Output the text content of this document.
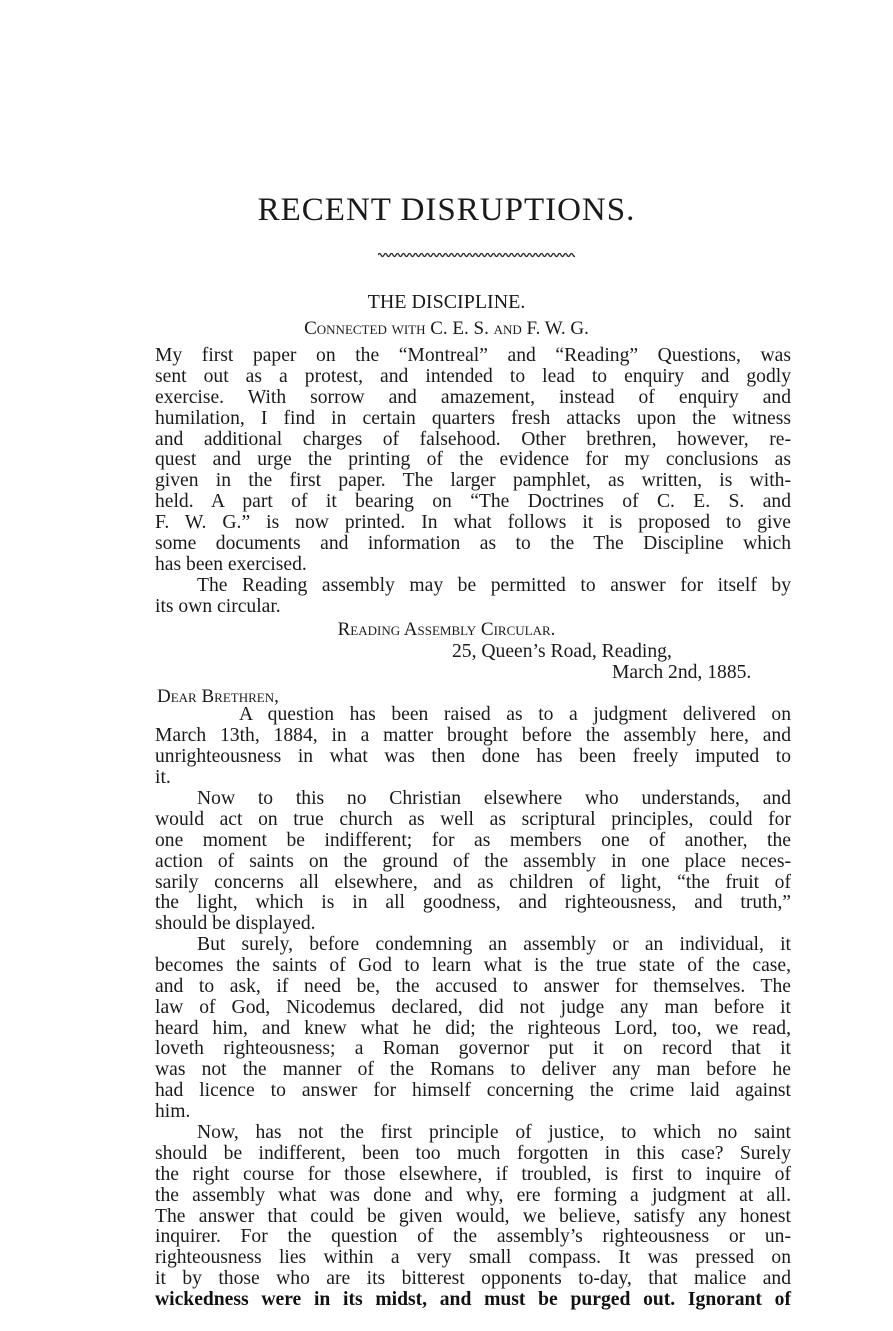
RECENT DISRUPTIONS.
THE DISCIPLINE.
Connected with C. E. S. and F. W. G.
My first paper on the “Montreal” and “Reading” Questions, was
sent out as a protest, and intended to lead to enquiry and godly
exercise. With sorrow and amazement, instead of enquiry and
humilation, I find in certain quarters fresh attacks upon the witness
and additional charges of falsehood. Other brethren, however, re-
quest and urge the printing of the evidence for my conclusions as
given in the first paper. The larger pamphlet, as written, is with-
held. A part of it bearing on “The Doctrines of C. E. S. and
F. W. G.” is now printed. In what follows it is proposed to give
some documents and information as to the The Discipline which
has been exercised.
The Reading assembly may be permitted to answer for itself by
its own circular.
Reading Assembly Circular.
25, Queen’s Road, Reading,
March 2nd, 1885.
Dear Brethren,
A question has been raised as to a judgment delivered on
March 13th, 1884, in a matter brought before the assembly here, and
unrighteousness in what was then done has been freely imputed to
it.
Now to this no Christian elsewhere who understands, and
would act on true church as well as scriptural principles, could for
one moment be indifferent; for as members one of another, the
action of saints on the ground of the assembly in one place neces-
sarily concerns all elsewhere, and as children of light, “the fruit of
the light, which is in all goodness, and righteousness, and truth,”
should be displayed.
But surely, before condemning an assembly or an individual, it
becomes the saints of God to learn what is the true state of the case,
and to ask, if need be, the accused to answer for themselves. The
law of God, Nicodemus declared, did not judge any man before it
heard him, and knew what he did; the righteous Lord, too, we read,
loveth righteousness; a Roman governor put it on record that it
was not the manner of the Romans to deliver any man before he
had licence to answer for himself concerning the crime laid against
him.
Now, has not the first principle of justice, to which no saint
should be indifferent, been too much forgotten in this case? Surely
the right course for those elsewhere, if troubled, is first to inquire of
the assembly what was done and why, ere forming a judgment at all.
The answer that could be given would, we believe, satisfy any honest
inquirer. For the question of the assembly’s righteousness or un-
righteousness lies within a very small compass. It was pressed on
it by those who are its bitterest opponents to-day, that malice and
wickedness were in its midst, and must be purged out. Ignorant of
